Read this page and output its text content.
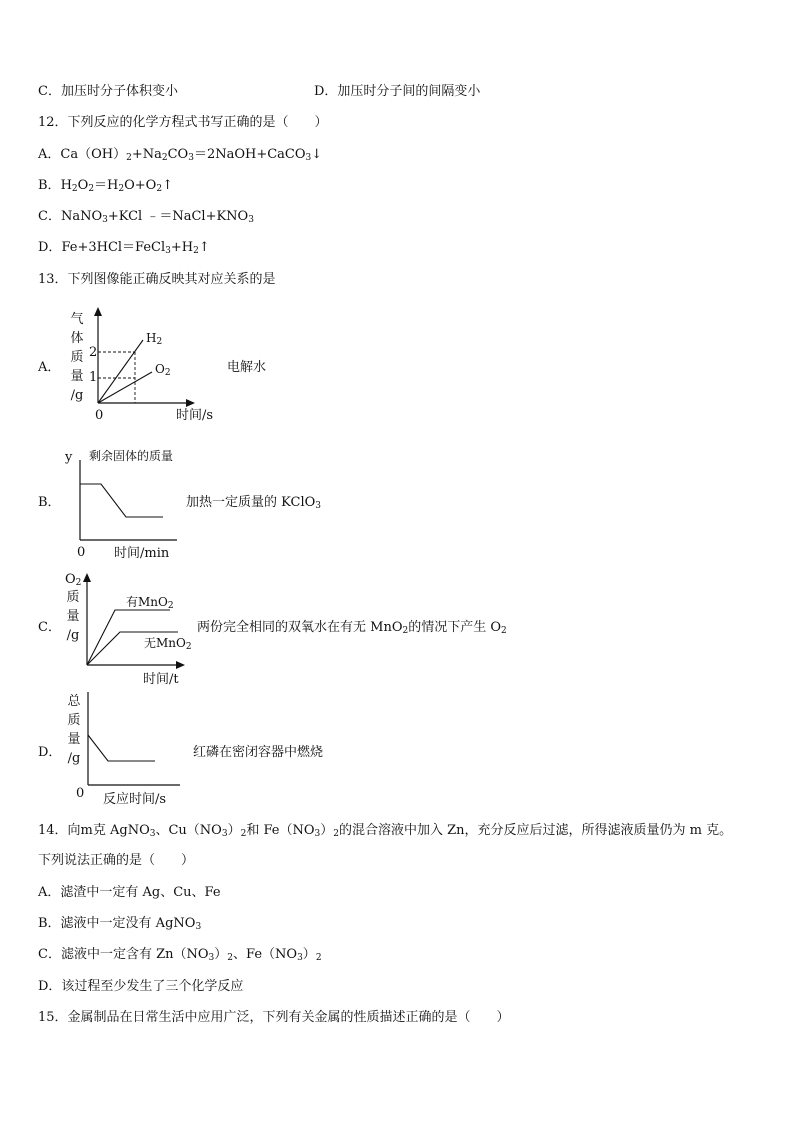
C．加压时分子体积变小	D．加压时分子间的间隔变小
12．下列反应的化学方程式书写正确的是（　　）
A．$Ca(OH)_2+Na_2CO_3=2NaOH+CaCO_3↓$
B．$H_2O_2=H_2O+O_2↑$
C．NaNO$_3$+KCl $﹣=NaCl+KNO_3$
D．$Fe+3HCl=FeCl_3+H_2↑$
13．下列图像能正确反映其对应关系的是
A．
气
体
质
量
/g
2
1
0
$H_2$
$O_2$
时间/s
电解水
B．
y 剩余固体的质量
0 时间/min
加热一定质量的 KClO$_3$
C．
$O_2$
质
量
/g
有MnO$_2$
无MnO$_2$
时间/t
两份完全相同的双氧水在有无 MnO$_2$的情况下产生 $O_2$
D．
总
质
量
/g
0 反应时间/s
红磷在密闭容器中燃烧
14．向m克 AgNO$_3$、$Cu(NO_3)_2$和 $Fe(NO_3)_2$的混合溶液中加入 Zn，充分反应后过滤，所得滤液质量仍为 m 克。
下列说法正确的是（　　）
A．滤渣中一定有 Ag、Cu、Fe
B．滤液中一定没有 AgNO$_3$
C．滤液中一定含有 $Zn(NO_3)_2$、$Fe(NO_3)_2$
D．该过程至少发生了三个化学反应
15．金属制品在日常生活中应用广泛，下列有关金属的性质描述正确的是（　　）
